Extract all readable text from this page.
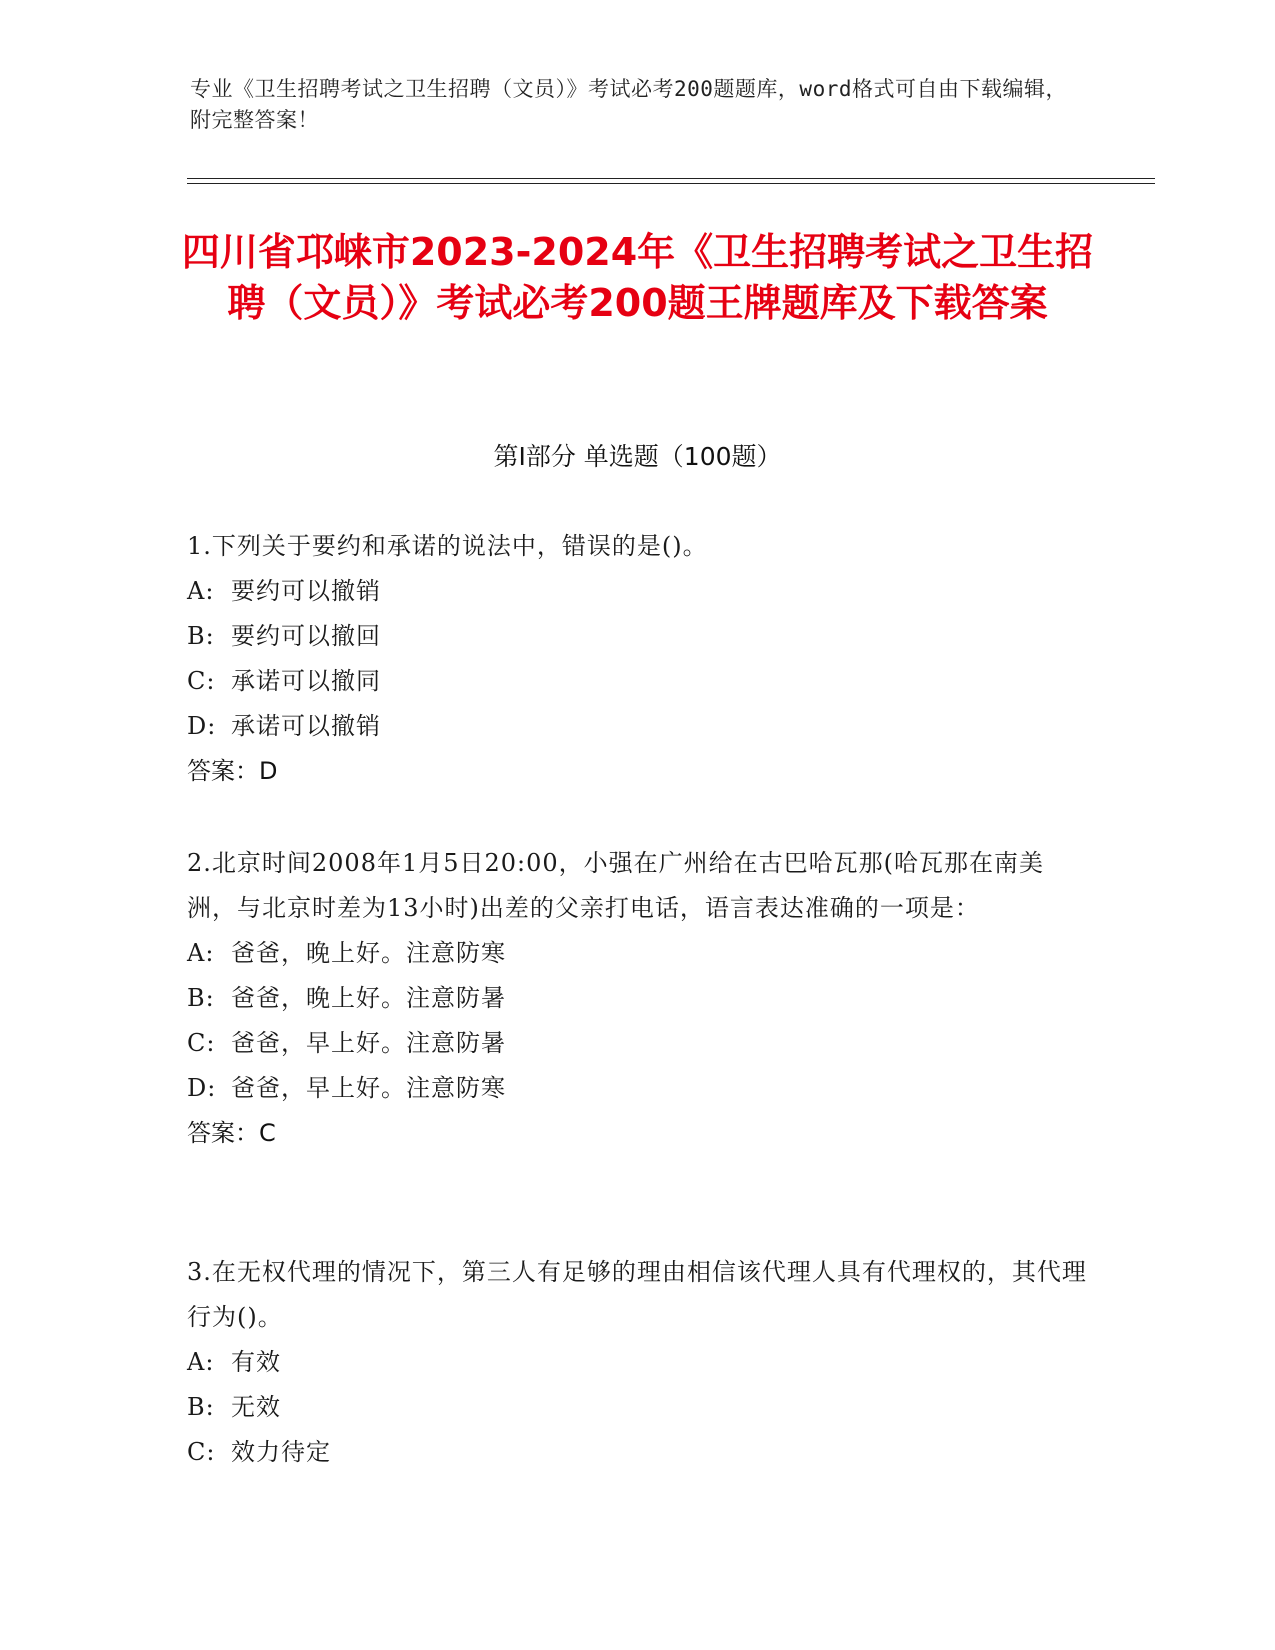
专业《卫生招聘考试之卫生招聘（文员）》考试必考200题题库，word格式可自由下载编辑，附完整答案！
四川省邛崃市2023-2024年《卫生招聘考试之卫生招聘（文员）》考试必考200题王牌题库及下载答案
第Ⅰ部分 单选题（100题）
1.下列关于要约和承诺的说法中，错误的是()。
A: 要约可以撤销
B: 要约可以撤回
C: 承诺可以撤同
D: 承诺可以撤销
答案：D
2.北京时间2008年1月5日20:00，小强在广州给在古巴哈瓦那(哈瓦那在南美洲，与北京时差为13小时)出差的父亲打电话，语言表达准确的一项是：
A: 爸爸，晚上好。注意防寒
B: 爸爸，晚上好。注意防暑
C: 爸爸，早上好。注意防暑
D: 爸爸，早上好。注意防寒
答案：C
3.在无权代理的情况下，第三人有足够的理由相信该代理人具有代理权的，其代理行为()。
A: 有效
B: 无效
C: 效力待定
